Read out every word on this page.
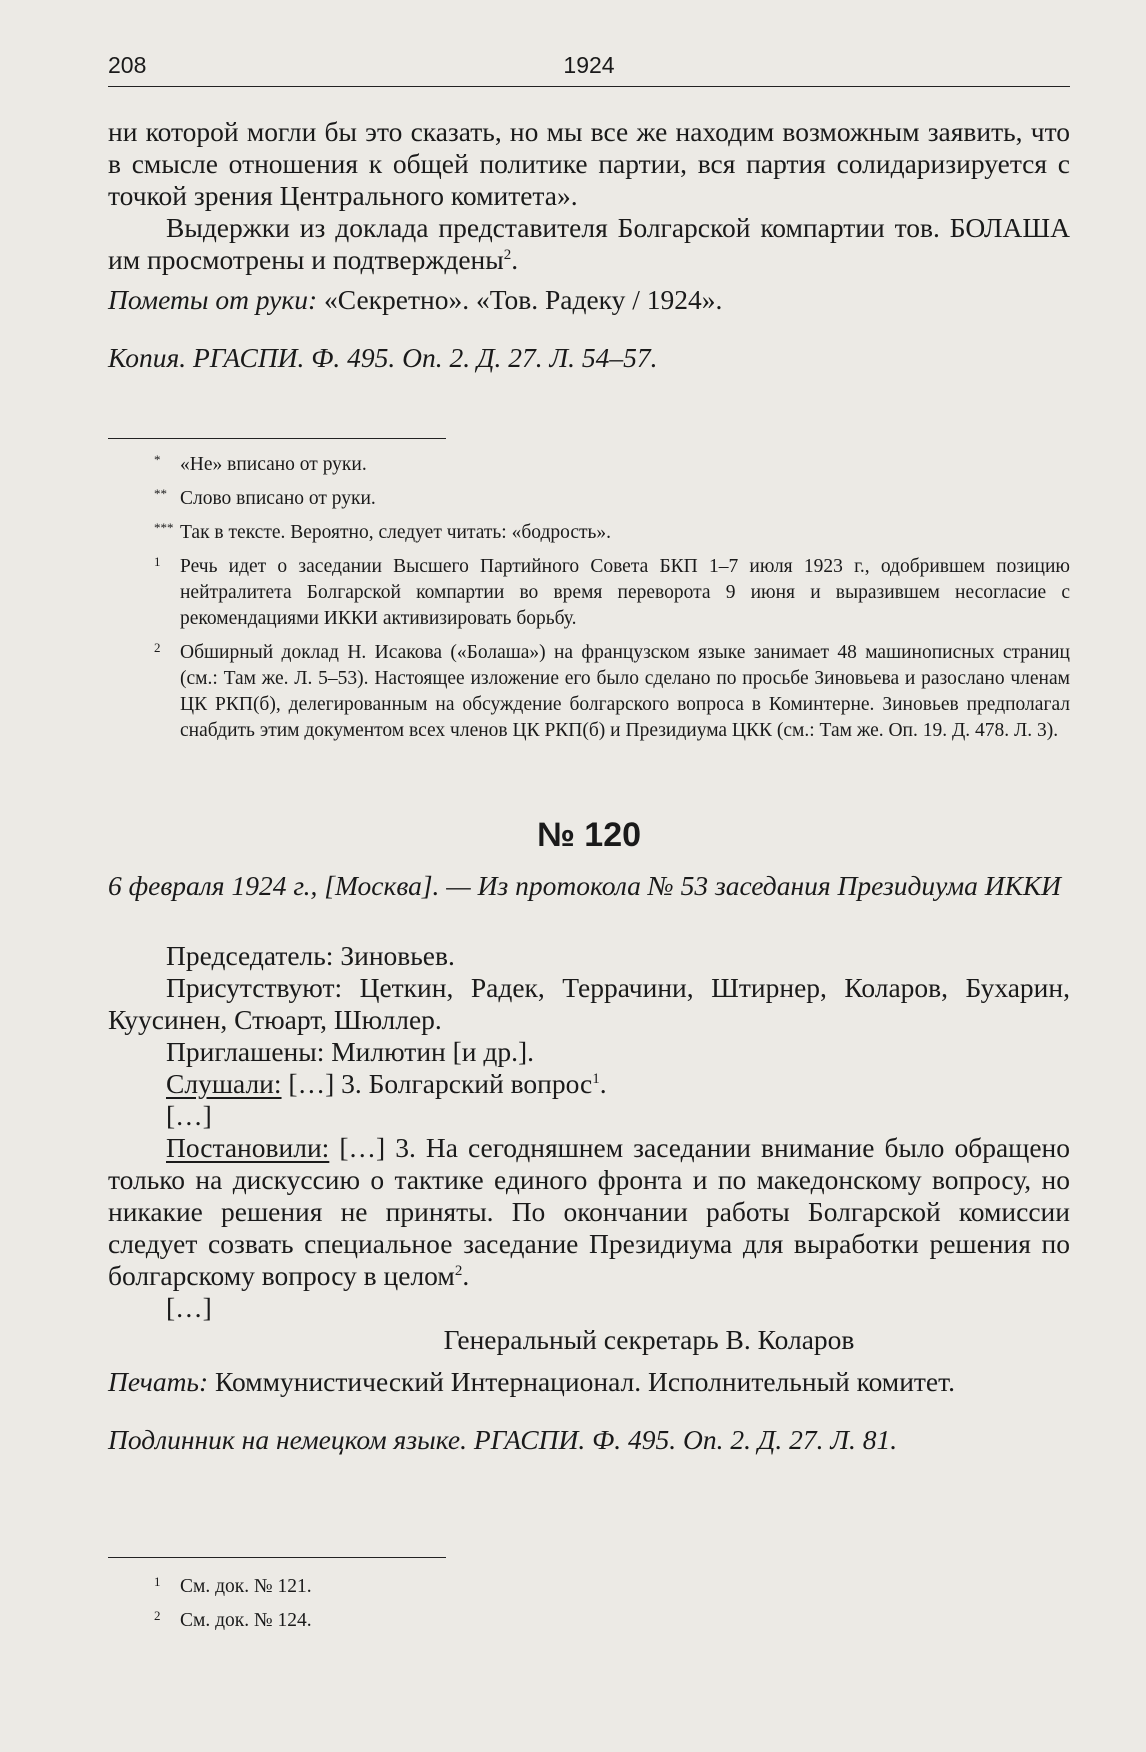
208	1924

ни которой могли бы это сказать, но мы все же находим возможным заявить, что в смысле отношения к общей политике партии, вся партия солидаризируется с точкой зрения Центрального комитета».

Выдержки из доклада представителя Болгарской компартии тов. БОЛАША им просмотрены и подтверждены$^2$.

Пометы от руки: «Секретно». «Тов. Радеку / 1924».

Копия. РГАСПИ. Ф. 495. Оп. 2. Д. 27. Л. 54–57.

* «Не» вписано от руки.

** Слово вписано от руки.

*** Так в тексте. Вероятно, следует читать: «бодрость».

1 Речь идет о заседании Высшего Партийного Совета БКП 1–7 июля 1923 г., одобрившем позицию нейтралитета Болгарской компартии во время переворота 9 июня и выразившем несогласие с рекомендациями ИККИ активизировать борьбу.

2 Обширный доклад Н. Исакова («Болаша») на французском языке занимает 48 машинописных страниц (см.: Там же. Л. 5–53). Настоящее изложение его было сделано по просьбе Зиновьева и разослано членам ЦК РКП(б), делегированным на обсуждение болгарского вопроса в Коминтерне. Зиновьев предполагал снабдить этим документом всех членов ЦК РКП(б) и Президиума ЦКК (см.: Там же. Оп. 19. Д. 478. Л. 3).

№ 120

6 февраля 1924 г., [Москва]. — Из протокола № 53 заседания Президиума ИККИ

Председатель: Зиновьев.

Присутствуют: Цеткин, Радек, Террачини, Штирнер, Коларов, Бухарин, Куусинен, Стюарт, Шюллер.

Приглашены: Милютин [и др.].

Слушали: […] 3. Болгарский вопрос$^1$.

[…]

Постановили: […] 3. На сегодняшнем заседании внимание было обращено только на дискуссию о тактике единого фронта и по македонскому вопросу, но никакие решения не приняты. По окончании работы Болгарской комиссии следует созвать специальное заседание Президиума для выработки решения по болгарскому вопросу в целом$^2$.

[…]

Генеральный секретарь В. Коларов

Печать: Коммунистический Интернационал. Исполнительный комитет.

Подлинник на немецком языке. РГАСПИ. Ф. 495. Оп. 2. Д. 27. Л. 81.

1 См. док. № 121.

2 См. док. № 124.
